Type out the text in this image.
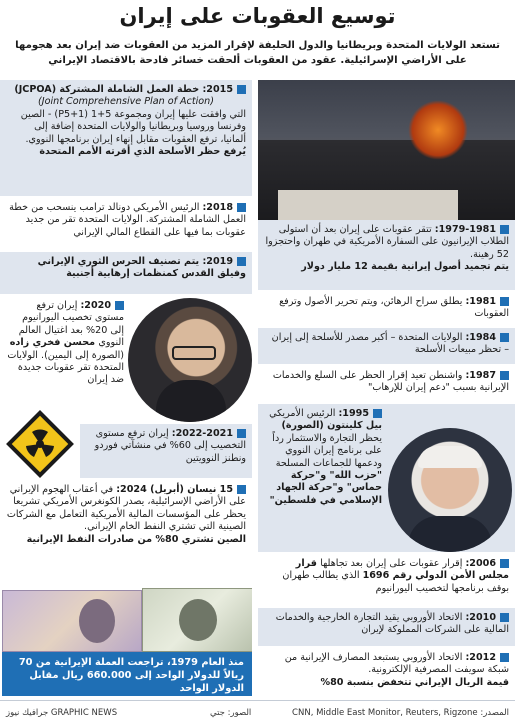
توسيع العقوبات على إيران
تستعد الولايات المتحدة وبريطانيا والدول الحليفة لإقرار المزيد من العقوبات ضد إيران بعد هجومها على الأراضي الإسرائيلية. عقود من العقوبات ألحقت خسائر فادحة بالاقتصاد الإيراني
2015: خطة العمل الشاملة المشتركة (JCPOA)

(Joint Comprehensive Plan of Action)
التي وافقت عليها إيران ومجموعة 5+1 (P5+1) - الصين وفرنسا وروسيا وبريطانيا والولايات المتحدة إضافة إلى ألمانيا، ترفع العقوبات مقابل إنهاء إيران برنامجها النووي.
يُرفع حظر الأسلحة الذي أقرته الأمم المتحدة
2018: الرئيس الأمريكي دونالد ترامب ينسحب من خطة العمل الشاملة المشتركة. الولايات المتحدة تقر من جديد عقوبات بما فيها على القطاع المالي الإيراني
2019: يتم تصنيف الحرس الثوري الإيراني وفيلق القدس كمنظمات إرهابية أجنبية
2020: إيران ترفع مستوى تخصيب اليورانيوم إلى 20% بعد اغتيال العالم النووي محسن فخري زاده (الصورة إلى اليمين). الولايات المتحدة تقر عقوبات جديدة ضد إيران
2022-2021: إيران ترفع مستوى التخصيب إلى 60% في منشآتي فوردو ونطنز النوويتين
15 نيسان (أبريل) 2024: في أعقاب الهجوم الإيراني على الأراضي الإسرائيلية، يصدر الكونغرس الأمريكي تشريعا يحظر على المؤسسات المالية الأمريكية التعامل مع الشركات الصينية التي تشتري النفط الخام الإيراني.
الصين تشتري 80% من صادرات النفط الإيرانية
منذ العام 1979، تراجعت العملة الإيرانية من 70 ريالاً للدولار الواحد إلى 660.000 ريال مقابل الدولار الواحد
1979-1981: تتقر عقوبات على إيران بعد أن استولى الطلاب الإيرانيون على السفارة الأمريكية في طهران واحتجزوا 52 رهينة.
يتم تجميد أصول إيرانية بقيمة 12 مليار دولار
1981: يطلق سراح الرهائن، ويتم تحرير الأصول وترفع العقوبات
1984: الولايات المتحدة – أكبر مصدر للأسلحة إلى إيران – تحظر مبيعات الأسلحة
1987: واشنطن تعيد إقرار الحظر على السلع والخدمات الإيرانية بسبب "دعم إيران للإرهاب"
1995: الرئيس الأمريكي بيل كلينتون (الصورة) يحظر التجارة والاستثمار رداً على برنامج إيران النووي ودعمها للجماعات المسلحة "حزب الله" و"حركة حماس" و"حركة الجهاد الإسلامي في فلسطين"
2006: إقرار عقوبات على إيران بعد تجاهلها قرار مجلس الأمن الدولي رقم 1696 الذي يطالب طهران بوقف برنامجها لتخصيب اليورانيوم
2010: الاتحاد الأوروبي يقيد التجارة الخارجية والخدمات المالية على الشركات المملوكة لإيران
2012: الاتحاد الأوروبي يستبعد المصارف الإيرانية من شبكة سويفت المصرفية الإلكترونية.
قيمة الريال الإيراني تتخفض بنسبة 80%
المصدر: CNN, Middle East Monitor, Reuters, Rigzone
الصور: جتي
جرافيك نيوز GRAPHIC NEWS
